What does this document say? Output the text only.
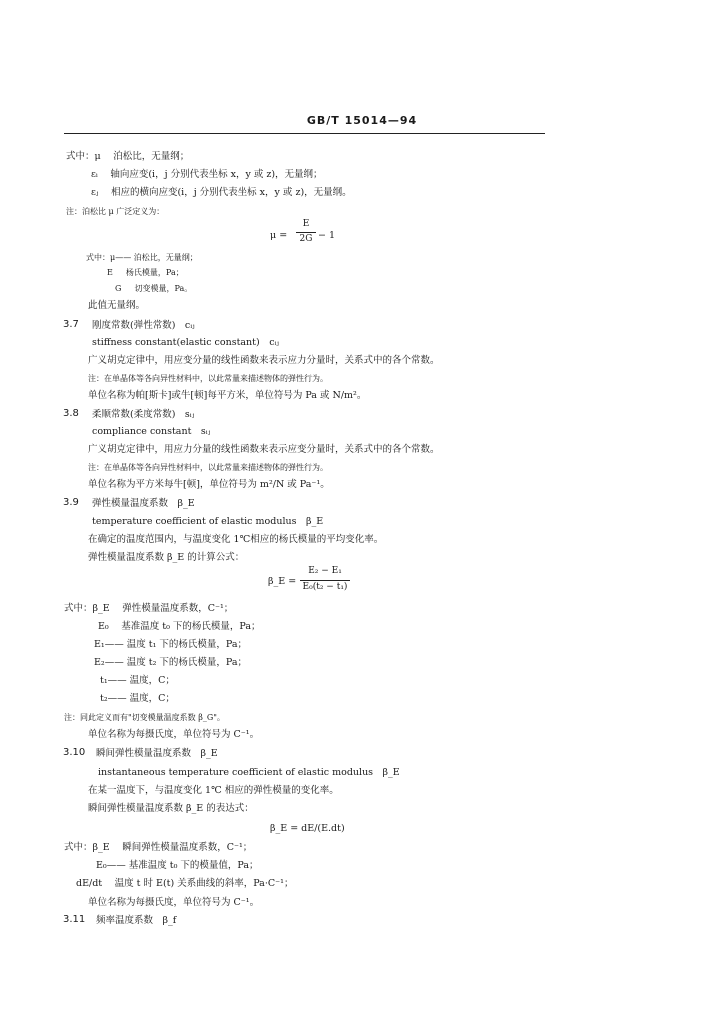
GB/T 15014—94
式中：μ 　泊松比，无量纲；
εᵢ 　轴向应变(i，j 分别代表坐标 x，y 或 z)，无量纲；
εⱼ 　相应的横向应变(i，j 分别代表坐标 x，y 或 z)，无量纲。
注：泊松比 μ 广泛定义为：
μ =
E
2G − 1
式中：μ—— 泊松比，无量纲；
E 　 杨氏模量，Pa；
G 　 切变模量，Pa。
此值无量纲。
3.7 刚度常数(弹性常数)　cᵢⱼ
stiffness constant(elastic constant)　cᵢⱼ
广义胡克定律中，用应变分量的线性函数来表示应力分量时，关系式中的各个常数。
注：在单晶体等各向异性材料中，以此常量来描述物体的弹性行为。
单位名称为帕[斯卡]或牛[顿]每平方米，单位符号为 Pa 或 N/m²。
3.8 柔顺常数(柔度常数)　sᵢⱼ
compliance constant　sᵢⱼ
广义胡克定律中，用应力分量的线性函数来表示应变分量时，关系式中的各个常数。
注：在单晶体等各向异性材料中，以此常量来描述物体的弹性行为。
单位名称为平方米每牛[顿]，单位符号为 m²/N 或 Pa⁻¹。
3.9 弹性模量温度系数　β_E
temperature coefficient of elastic modulus　β_E
在确定的温度范围内，与温度变化 1℃相应的杨氏模量的平均变化率。
弹性模量温度系数 β_E 的计算公式：
β_E =
E₂ − E₁
E₀(t₂ − t₁)
式中：β_E 　弹性模量温度系数，C⁻¹；
E₀ 　基准温度 t₀ 下的杨氏模量，Pa；
E₁—— 温度 t₁ 下的杨氏模量，Pa；
E₂—— 温度 t₂ 下的杨氏模量，Pa；
t₁—— 温度，C；
t₂—— 温度，C；
注：同此定义而有"切变模量温度系数 β_G"。
单位名称为每摄氏度，单位符号为 C⁻¹。
3.10 瞬间弹性模量温度系数　β_E
instantaneous temperature coefficient of elastic modulus　β_E
在某一温度下，与温度变化 1℃ 相应的弹性模量的变化率。
瞬间弹性模量温度系数 β_E 的表达式：
β_E = dE/(E.dt)
式中：β_E 　瞬间弹性模量温度系数，C⁻¹；
E₀—— 基准温度 t₀ 下的模量值，Pa；
dE/dt 　温度 t 时 E(t) 关系曲线的斜率，Pa·C⁻¹；
单位名称为每摄氏度，单位符号为 C⁻¹。
3.11 频率温度系数　β_f
